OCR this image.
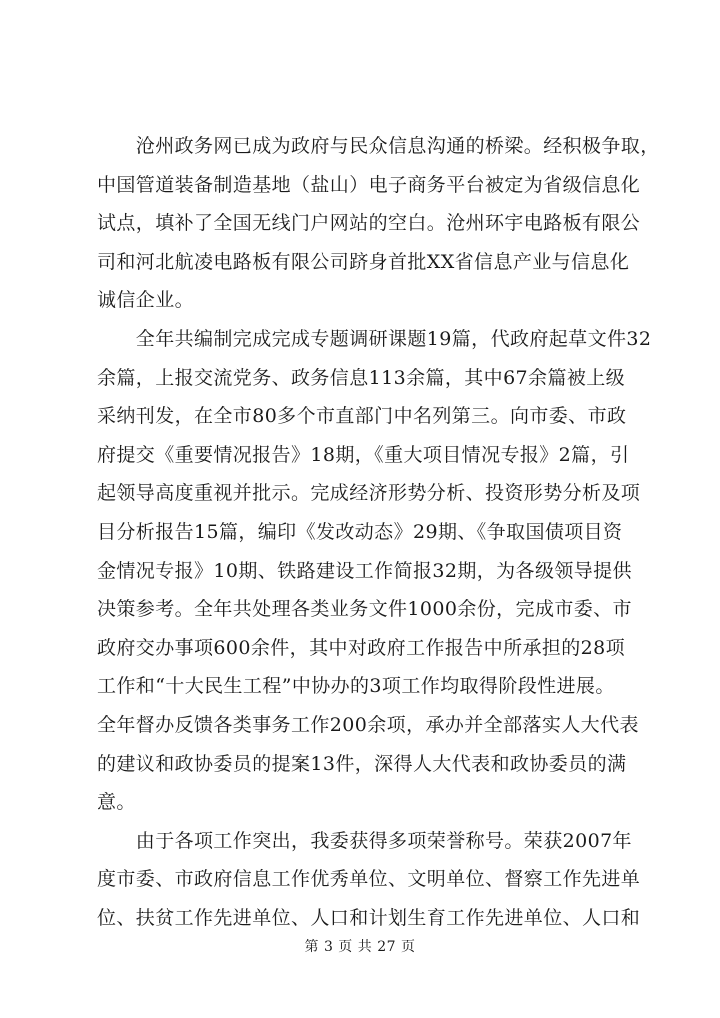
　　沧州政务网已成为政府与民众信息沟通的桥梁。经积极争取，
中国管道装备制造基地（盐山）电子商务平台被定为省级信息化
试点，填补了全国无线门户网站的空白。沧州环宇电路板有限公
司和河北航凌电路板有限公司跻身首批XX省信息产业与信息化
诚信企业。
　　全年共编制完成完成专题调研课题19篇，代政府起草文件32
余篇，上报交流党务、政务信息113余篇，其中67余篇被上级
采纳刊发，在全市80多个市直部门中名列第三。向市委、市政
府提交《重要情况报告》18期，《重大项目情况专报》2篇，引
起领导高度重视并批示。完成经济形势分析、投资形势分析及项
目分析报告15篇，编印《发改动态》29期、《争取国债项目资
金情况专报》10期、铁路建设工作简报32期，为各级领导提供
决策参考。全年共处理各类业务文件1000余份，完成市委、市
政府交办事项600余件，其中对政府工作报告中所承担的28项
工作和“十大民生工程”中协办的3项工作均取得阶段性进展。
全年督办反馈各类事务工作200余项，承办并全部落实人大代表
的建议和政协委员的提案13件，深得人大代表和政协委员的满
意。
　　由于各项工作突出，我委获得多项荣誉称号。荣获2007年
度市委、市政府信息工作优秀单位、文明单位、督察工作先进单
位、扶贫工作先进单位、人口和计划生育工作先进单位、人口和
第 3 页 共 27 页
